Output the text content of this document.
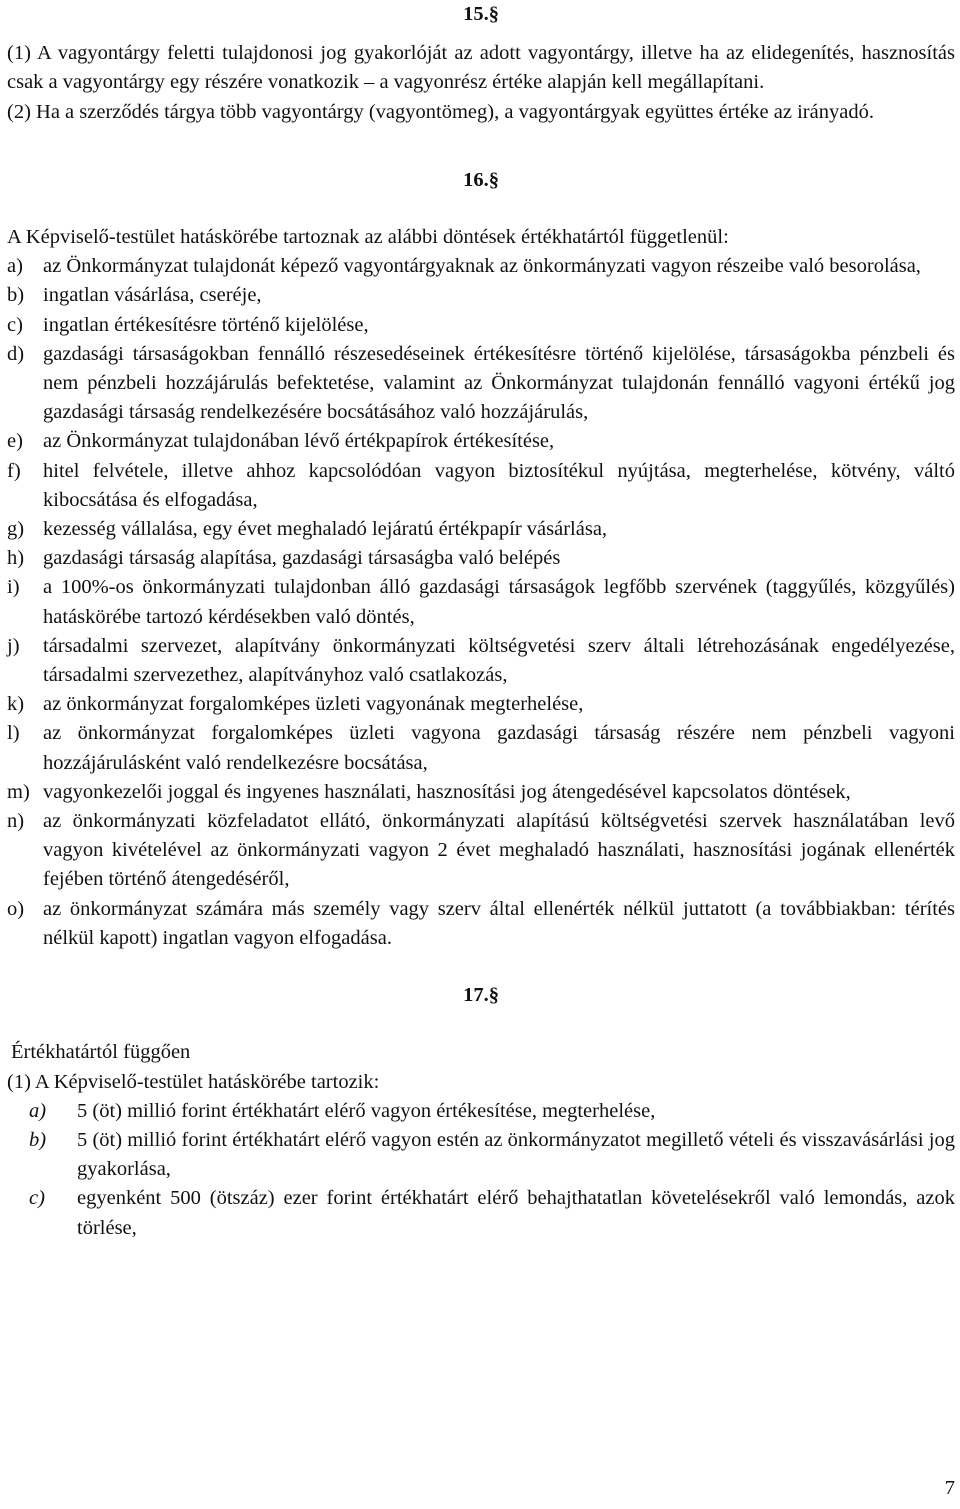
15.§

(1) A vagyontárgy feletti tulajdonosi jog gyakorlóját az adott vagyontárgy, illetve ha az elidegenítés, hasznosítás csak a vagyontárgy egy részére vonatkozik – a vagyonrész értéke alapján kell megállapítani.

(2) Ha a szerződés tárgya több vagyontárgy (vagyontömeg), a vagyontárgyak együttes értéke az irányadó.

16.§

A Képviselő-testület hatáskörébe tartoznak az alábbi döntések értékhatártól függetlenül:

a) az Önkormányzat tulajdonát képező vagyontárgyaknak az önkormányzati vagyon részeibe való besorolása,
b) ingatlan vásárlása, cseréje,
c) ingatlan értékesítésre történő kijelölése,
d) gazdasági társaságokban fennálló részesedéseinek értékesítésre történő kijelölése, társaságokba pénzbeli és nem pénzbeli hozzájárulás befektetése, valamint az Önkormányzat tulajdonán fennálló vagyoni értékű jog gazdasági társaság rendelkezésére bocsátásához való hozzájárulás,
e) az Önkormányzat tulajdonában lévő értékpapírok értékesítése,
f)	hitel felvétele, illetve ahhoz kapcsolódóan vagyon biztosítékul nyújtása, megterhelése, kötvény, váltó kibocsátása és elfogadása,
g) kezesség vállalása, egy évet meghaladó lejáratú értékpapír vásárlása,
h) gazdasági társaság alapítása, gazdasági társaságba való belépés
i)	a 100%-os önkormányzati tulajdonban álló gazdasági társaságok legfőbb szervének (taggyűlés, közgyűlés) hatáskörébe tartozó kérdésekben való döntés,
j)	társadalmi szervezet, alapítvány önkormányzati költségvetési szerv általi létrehozásának engedélyezése, társadalmi szervezethez, alapítványhoz való csatlakozás,
k) az önkormányzat forgalomképes üzleti vagyonának megterhelése,
l)	az önkormányzat forgalomképes üzleti vagyona gazdasági társaság részére nem pénzbeli vagyoni hozzájárulásként való rendelkezésre bocsátása,
m) vagyonkezelői joggal és ingyenes használati, hasznosítási jog átengedésével kapcsolatos döntések,
n) az önkormányzati közfeladatot ellátó, önkormányzati alapítású költségvetési szervek használatában levő vagyon kivételével az önkormányzati vagyon 2 évet meghaladó használati, hasznosítási jogának ellenérték fejében történő átengedéséről,
o) az önkormányzat számára más személy vagy szerv által ellenérték nélkül juttatott (a továbbiakban: térítés nélkül kapott) ingatlan vagyon elfogadása.

17.§

Értékhatártól függően

(1) A Képviselő-testület hatáskörébe tartozik:

a)	5 (öt) millió forint értékhatárt elérő vagyon értékesítése, megterhelése,
b)	5 (öt) millió forint értékhatárt elérő vagyon estén az önkormányzatot megillető vételi és visszavásárlási jog gyakorlása,
c)	egyenként 500 (ötszáz) ezer forint értékhatárt elérő behajthatatlan követelésekről való lemondás, azok törlése,
7
